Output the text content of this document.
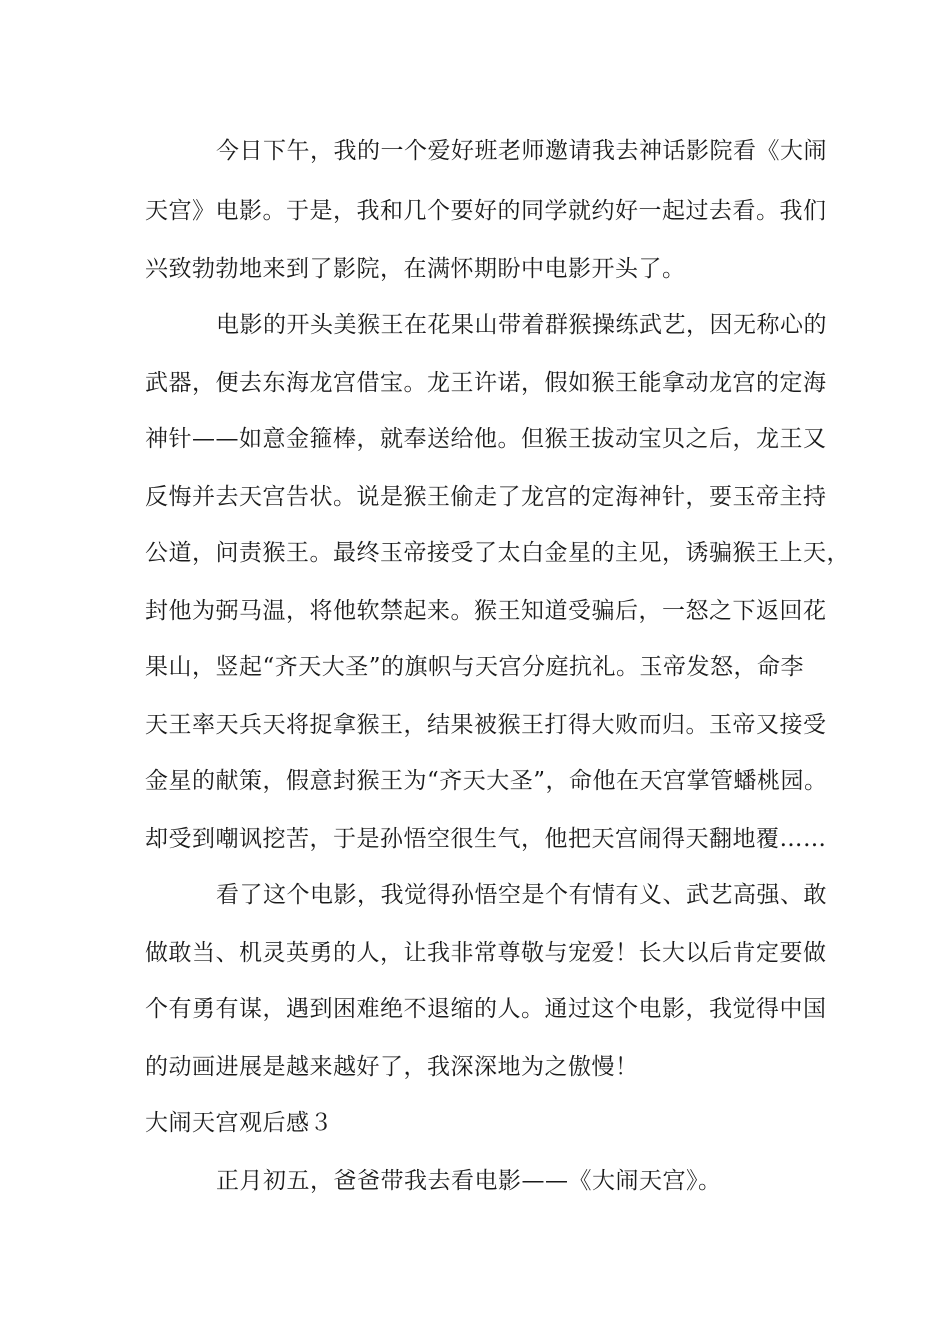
今日下午，我的一个爱好班老师邀请我去神话影院看《大闹
天宫》电影。于是，我和几个要好的同学就约好一起过去看。我们
兴致勃勃地来到了影院，在满怀期盼中电影开头了。
电影的开头美猴王在花果山带着群猴操练武艺，因无称心的
武器，便去东海龙宫借宝。龙王许诺，假如猴王能拿动龙宫的定海
神针——如意金箍棒，就奉送给他。但猴王拔动宝贝之后，龙王又
反悔并去天宫告状。说是猴王偷走了龙宫的定海神针，要玉帝主持
公道，问责猴王。最终玉帝接受了太白金星的主见，诱骗猴王上天，
封他为弼马温，将他软禁起来。猴王知道受骗后，一怒之下返回花
果山，竖起“齐天大圣”的旗帜与天宫分庭抗礼。玉帝发怒，命李
天王率天兵天将捉拿猴王，结果被猴王打得大败而归。玉帝又接受
金星的献策，假意封猴王为“齐天大圣”，命他在天宫掌管蟠桃园。
却受到嘲讽挖苦，于是孙悟空很生气，他把天宫闹得天翻地覆……
看了这个电影，我觉得孙悟空是个有情有义、武艺高强、敢
做敢当、机灵英勇的人，让我非常尊敬与宠爱！长大以后肯定要做
个有勇有谋，遇到困难绝不退缩的人。通过这个电影，我觉得中国
的动画进展是越来越好了，我深深地为之傲慢！
大闹天宫观后感３
正月初五，爸爸带我去看电影——《大闹天宫》。
